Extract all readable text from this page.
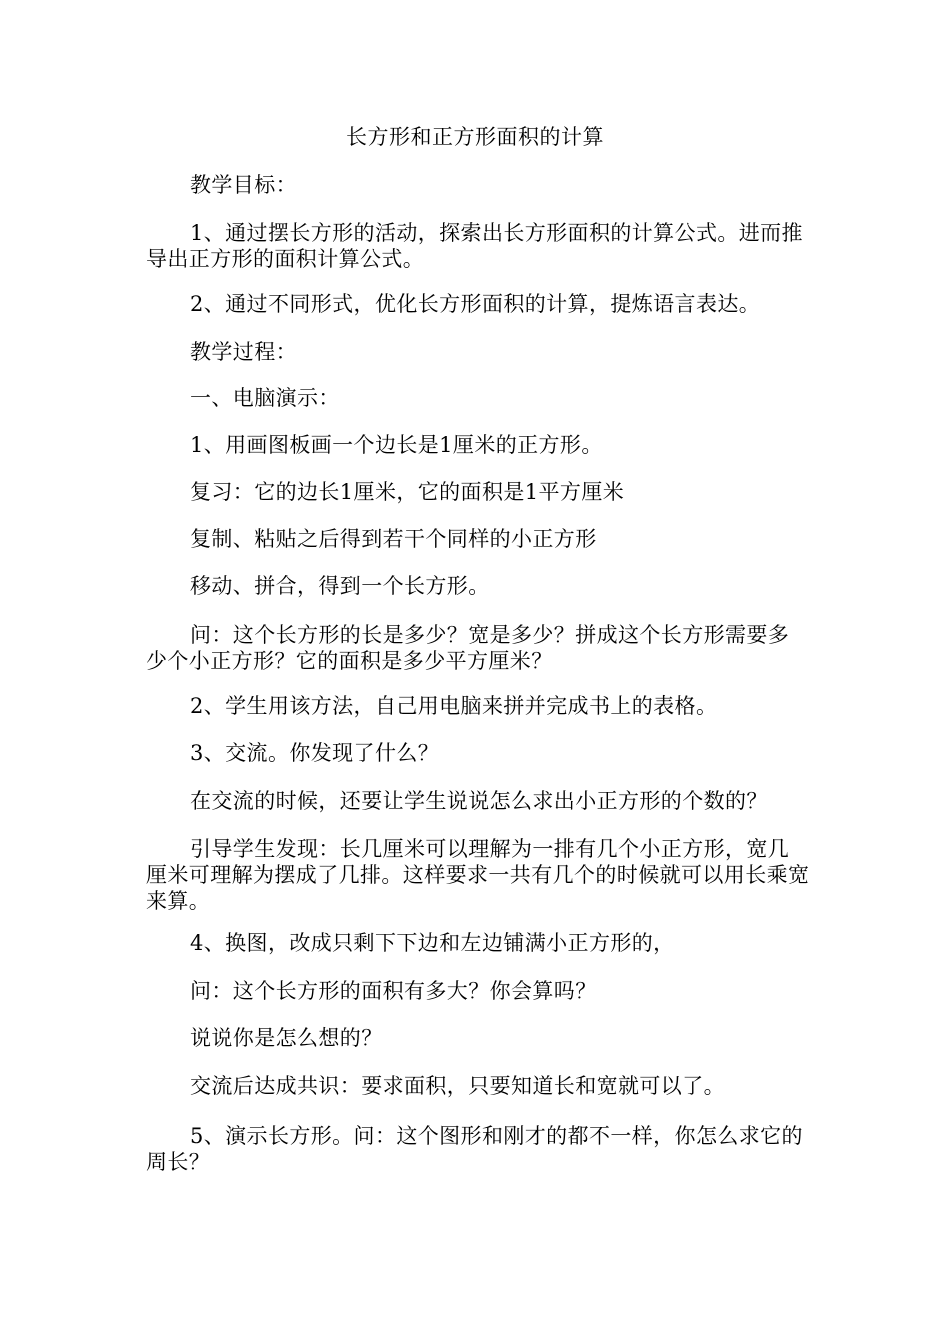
长方形和正方形面积的计算
教学目标：
1、通过摆长方形的活动，探索出长方形面积的计算公式。进而推导出正方形的面积计算公式。
2、通过不同形式，优化长方形面积的计算，提炼语言表达。
教学过程：
一、电脑演示：
1、用画图板画一个边长是1厘米的正方形。
复习：它的边长1厘米，它的面积是1平方厘米
复制、粘贴之后得到若干个同样的小正方形
移动、拼合，得到一个长方形。
问：这个长方形的长是多少？宽是多少？拼成这个长方形需要多少个小正方形？它的面积是多少平方厘米？
2、学生用该方法，自己用电脑来拼并完成书上的表格。
3、交流。你发现了什么？
在交流的时候，还要让学生说说怎么求出小正方形的个数的？
引导学生发现：长几厘米可以理解为一排有几个小正方形，宽几厘米可理解为摆成了几排。这样要求一共有几个的时候就可以用长乘宽来算。
4、换图，改成只剩下下边和左边铺满小正方形的，
问：这个长方形的面积有多大？你会算吗？
说说你是怎么想的？
交流后达成共识：要求面积，只要知道长和宽就可以了。
5、演示长方形。问：这个图形和刚才的都不一样，你怎么求它的周长？
